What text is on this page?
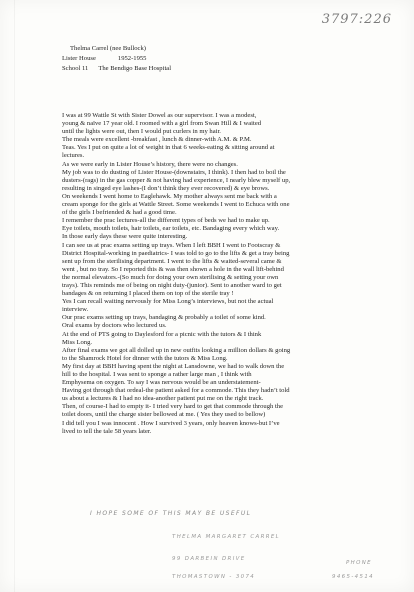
3797:226
Thelma Carrel (nee Bullock)
Lister House	1952-1955
School 11 The Bendigo Base Hospital
I was at 99 Wattle St with Sister Dowel as our supervisor. I was a modest,
young & naïve 17 year old. I roomed with a girl from Swan Hill & I waited
until the lights were out, then I would put curlers in my hair.
The meals were excellent -breakfast , lunch & dinner-with A.M. & P.M.
Teas. Yes I put on quite a lot of weight in that 6 weeks-eating & sitting around at
lectures.
As we were early in Lister House’s history, there were no changes.
My job was to do dusting of Lister House-(downstairs, I think). I then had to boil the
dusters-(rags) in the gas copper & not having had experience, I nearly blew myself up,
resulting in singed eye lashes-(I don’t think they ever recovered) & eye brows.
On weekends I went home to Eaglehawk. My mother always sent me back with a
cream sponge for the girls at Wattle Street. Some weekends I went to Echuca with one
of the girls I befriended & had a good time.
I remember the prac lectures-all the different types of beds we had to make up.
Eye toilets, mouth toilets, hair toilets, ear toilets, etc. Bandaging every which way.
In those early days these were quite interesting.
I can see us at prac exams setting up trays. When I left BBH I went to Footscray &
District Hospital-working in paediatrics- I was told to go to the lifts & get a tray being
sent up from the sterilising department. I went to the lifts & waited-several came &
went , but no tray. So I reported this & was then shown a hole in the wall lift-behind
the normal elevators.-(So much for doing your own sterilising & setting your own
trays). This reminds me of being on night duty-(junior). Sent to another ward to get
bandages & on returning I placed them on top of the sterile tray !
Yes I can recall waiting nervously for Miss Long’s interviews, but not the actual
interview.
Our prac exams setting up trays, bandaging & probably a toilet of some kind.
Oral exams by doctors who lectured us.
At the end of PTS going to Daylesford for a picnic with the tutors & I think
Miss Long.
After final exams we got all dolled up in new outfits looking a million dollars & going
to the Shamrock Hotel for dinner with the tutors & Miss Long.
My first day at BBH having spent the night at Lansdowne, we had to walk down the
hill to the hospital. I was sent to sponge a rather large man , I think with
Emphysema on oxygen. To say I was nervous would be an understatement-
Having got through that ordeal-the patient asked for a commode. This they hadn’t told
us about a lectures & I had no idea-another patient put me on the right track.
Then, of course-I had to empty it- I tried very hard to get that commode through the
toilet doors, until the charge sister bellowed at me. ( Yes they used to bellow)
I did tell you I was innocent . How I survived 3 years, only heaven knows-but I’ve
lived to tell the tale 58 years later.
I HOPE SOME OF THIS MAY BE USEFUL
THELMA MARGARET CARREL
99 DARBEIN DRIVE
THOMASTOWN - 3074
PHONE
9465-4514
